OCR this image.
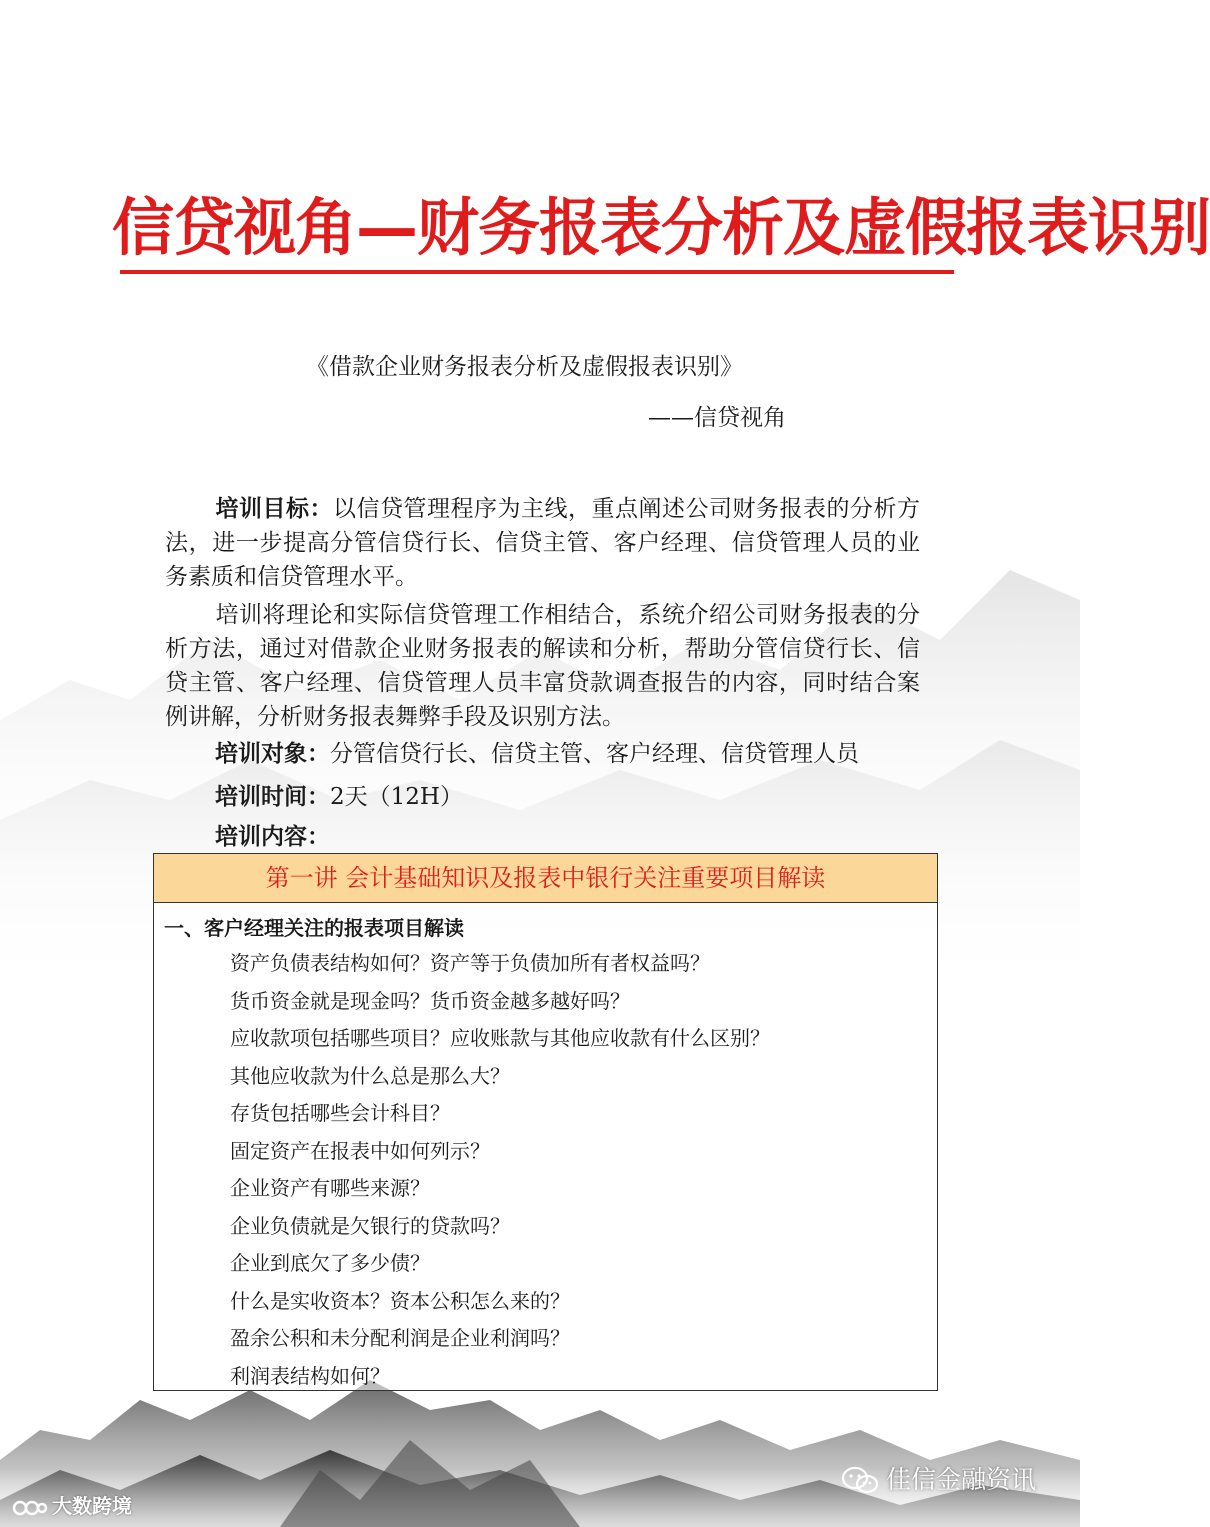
信贷视角—财务报表分析及虚假报表识别
《借款企业财务报表分析及虚假报表识别》
——信贷视角
培训目标：以信贷管理程序为主线，重点阐述公司财务报表的分析方法，进一步提高分管信贷行长、信贷主管、客户经理、信贷管理人员的业务素质和信贷管理水平。
培训将理论和实际信贷管理工作相结合，系统介绍公司财务报表的分析方法，通过对借款企业财务报表的解读和分析，帮助分管信贷行长、信贷主管、客户经理、信贷管理人员丰富贷款调查报告的内容，同时结合案例讲解，分析财务报表舞弊手段及识别方法。
培训对象：分管信贷行长、信贷主管、客户经理、信贷管理人员
培训时间：2天（12H）
培训内容：
第一讲 会计基础知识及报表中银行关注重要项目解读
一、客户经理关注的报表项目解读
资产负债表结构如何？资产等于负债加所有者权益吗？
货币资金就是现金吗？货币资金越多越好吗？
应收款项包括哪些项目？应收账款与其他应收款有什么区别？
其他应收款为什么总是那么大？
存货包括哪些会计科目？
固定资产在报表中如何列示？
企业资产有哪些来源？
企业负债就是欠银行的贷款吗？
企业到底欠了多少债？
什么是实收资本？资本公积怎么来的？
盈余公积和未分配利润是企业利润吗？
利润表结构如何？
大数跨境
佳信金融资讯
